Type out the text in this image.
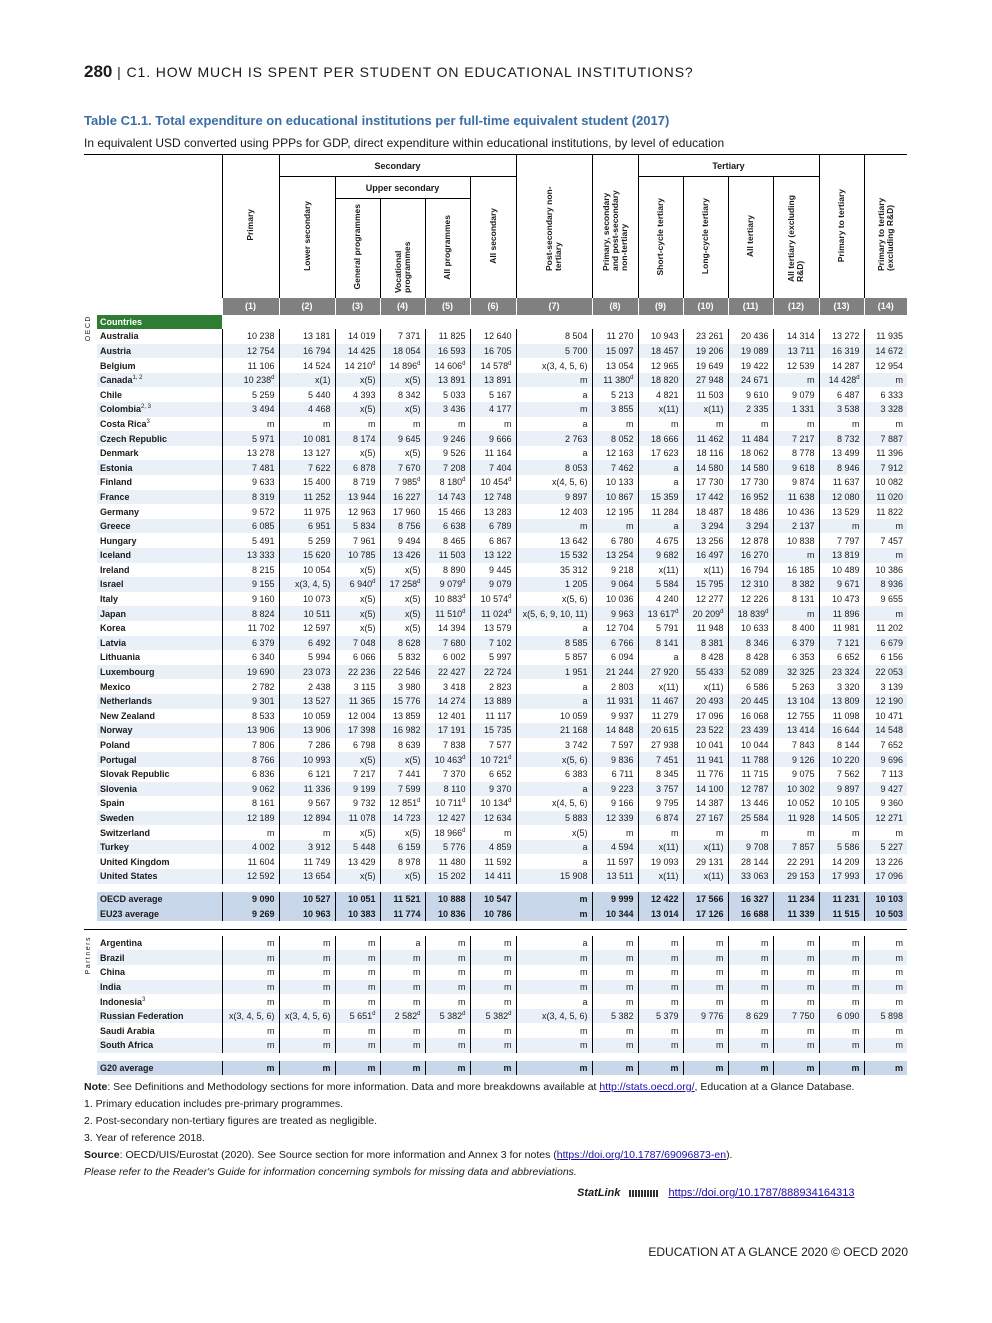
280 | C1. HOW MUCH IS SPENT PER STUDENT ON EDUCATIONAL INSTITUTIONS?
Table C1.1. Total expenditure on educational institutions per full-time equivalent student (2017)
In equivalent USD converted using PPPs for GDP, direct expenditure within educational institutions, by level of education
		Primary	Secondary					Post-secondary non-tertiary	Primary, secondary and post-secondary non-tertiary	Tertiary				Primary to tertiary	Primary to tertiary (excluding R&D)
			Lower secondary	Upper secondary			All secondary			Short-cycle tertiary	Long-cycle tertiary	All tertiary	All tertiary (excluding R&D)		
				General programmes	Vocational programmes	All programmes									
		(1)	(2)	(3)	(4)	(5)	(6)	(7)	(8)	(9)	(10)	(11)	(12)	(13)	(14)

OECD	Countries														
	Australia	10 238	13 181	14 019	7 371	11 825	12 640	8 504	11 270	10 943	23 261	20 436	14 314	13 272	11 935
	Austria	12 754	16 794	14 425	18 054	16 593	16 705	5 700	15 097	18 457	19 206	19 089	13 711	16 319	14 672
	Belgium	11 106	14 524	14 210$^d$	14 896$^d$	14 606$^d$	14 578$^d$	x(3, 4, 5, 6)	13 054	12 965	19 649	19 422	12 539	14 287	12 954
	Canada$^{1, 2}$	10 238$^d$	x(1)	x(5)	x(5)	13 891	13 891	m	11 380$^d$	18 820	27 948	24 671	m	14 428$^d$	m
	Chile	5 259	5 440	4 393	8 342	5 033	5 167	a	5 213	4 821	11 503	9 610	9 079	6 487	6 333
	Colombia$^{2, 3}$	3 494	4 468	x(5)	x(5)	3 436	4 177	m	3 855	x(11)	x(11)	2 335	1 331	3 538	3 328
	Costa Rica$^3$	m	m	m	m	m	m	a	m	m	m	m	m	m	m
	Czech Republic	5 971	10 081	8 174	9 645	9 246	9 666	2 763	8 052	18 666	11 462	11 484	7 217	8 732	7 887
	Denmark	13 278	13 127	x(5)	x(5)	9 526	11 164	a	12 163	17 623	18 116	18 062	8 778	13 499	11 396
	Estonia	7 481	7 622	6 878	7 670	7 208	7 404	8 053	7 462	a	14 580	14 580	9 618	8 946	7 912
	Finland	9 633	15 400	8 719	7 985$^d$	8 180$^d$	10 454$^d$	x(4, 5, 6)	10 133	a	17 730	17 730	9 874	11 637	10 082
	France	8 319	11 252	13 944	16 227	14 743	12 748	9 897	10 867	15 359	17 442	16 952	11 638	12 080	11 020
	Germany	9 572	11 975	12 963	17 960	15 466	13 283	12 403	12 195	11 284	18 487	18 486	10 436	13 529	11 822
	Greece	6 085	6 951	5 834	8 756	6 638	6 789	m	m	a	3 294	3 294	2 137	m	m
	Hungary	5 491	5 259	7 961	9 494	8 465	6 867	13 642	6 780	4 675	13 256	12 878	10 838	7 797	7 457
	Iceland	13 333	15 620	10 785	13 426	11 503	13 122	15 532	13 254	9 682	16 497	16 270	m	13 819	m
	Ireland	8 215	10 054	x(5)	x(5)	8 890	9 445	35 312	9 218	x(11)	x(11)	16 794	16 185	10 489	10 386
	Israel	9 155	x(3, 4, 5)	6 940$^d$	17 258$^d$	9 079$^d$	9 079	1 205	9 064	5 584	15 795	12 310	8 382	9 671	8 936
	Italy	9 160	10 073	x(5)	x(5)	10 883$^d$	10 574$^d$	x(5, 6)	10 036	4 240	12 277	12 226	8 131	10 473	9 655
	Japan	8 824	10 511	x(5)	x(5)	11 510$^d$	11 024$^d$	x(5, 6, 9, 10, 11)	9 963	13 617$^d$	20 209$^d$	18 839$^d$	m	11 896	m
	Korea	11 702	12 597	x(5)	x(5)	14 394	13 579	a	12 704	5 791	11 948	10 633	8 400	11 981	11 202
	Latvia	6 379	6 492	7 048	8 628	7 680	7 102	8 585	6 766	8 141	8 381	8 346	6 379	7 121	6 679
	Lithuania	6 340	5 994	6 066	5 832	6 002	5 997	5 857	6 094	a	8 428	8 428	6 353	6 652	6 156
	Luxembourg	19 690	23 073	22 236	22 546	22 427	22 724	1 951	21 244	27 920	55 433	52 089	32 325	23 324	22 053
	Mexico	2 782	2 438	3 115	3 980	3 418	2 823	a	2 803	x(11)	x(11)	6 586	5 263	3 320	3 139
	Netherlands	9 301	13 527	11 365	15 776	14 274	13 889	a	11 931	11 467	20 493	20 445	13 104	13 809	12 190
	New Zealand	8 533	10 059	12 004	13 859	12 401	11 117	10 059	9 937	11 279	17 096	16 068	12 755	11 098	10 471
	Norway	13 906	13 906	17 398	16 982	17 191	15 735	21 168	14 848	20 615	23 522	23 439	13 414	16 644	14 548
	Poland	7 806	7 286	6 798	8 639	7 838	7 577	3 742	7 597	27 938	10 041	10 044	7 843	8 144	7 652
	Portugal	8 766	10 993	x(5)	x(5)	10 463$^d$	10 721$^d$	x(5, 6)	9 836	7 451	11 941	11 788	9 126	10 220	9 696
	Slovak Republic	6 836	6 121	7 217	7 441	7 370	6 652	6 383	6 711	8 345	11 776	11 715	9 075	7 562	7 113
	Slovenia	9 062	11 336	9 199	7 599	8 110	9 370	a	9 223	3 757	14 100	12 787	10 302	9 897	9 427
	Spain	8 161	9 567	9 732	12 851$^d$	10 711$^d$	10 134$^d$	x(4, 5, 6)	9 166	9 795	14 387	13 446	10 052	10 105	9 360
	Sweden	12 189	12 894	11 078	14 723	12 427	12 634	5 883	12 339	6 874	27 167	25 584	11 928	14 505	12 271
	Switzerland	m	m	x(5)	x(5)	18 966$^d$	m	x(5)	m	m	m	m	m	m	m
	Turkey	4 002	3 912	5 448	6 159	5 776	4 859	a	4 594	x(11)	x(11)	9 708	7 857	5 586	5 227
	United Kingdom	11 604	11 749	13 429	8 978	11 480	11 592	a	11 597	19 093	29 131	28 144	22 291	14 209	13 226
	United States	12 592	13 654	x(5)	x(5)	15 202	14 411	15 908	13 511	x(11)	x(11)	33 063	29 153	17 993	17 096

	OECD average	9 090	10 527	10 051	11 521	10 888	10 547	m	9 999	12 422	17 566	16 327	11 234	11 231	10 103
	EU23 average	9 269	10 963	10 383	11 774	10 836	10 786	m	10 344	13 014	17 126	16 688	11 339	11 515	10 503

Partners	Argentina	m	m	m	a	m	m	a	m	m	m	m	m	m	m
	Brazil	m	m	m	m	m	m	m	m	m	m	m	m	m	m
	China	m	m	m	m	m	m	m	m	m	m	m	m	m	m
	India	m	m	m	m	m	m	m	m	m	m	m	m	m	m
	Indonesia$^3$	m	m	m	m	m	m	a	m	m	m	m	m	m	m
	Russian Federation	x(3, 4, 5, 6)	x(3, 4, 5, 6)	5 651$^d$	2 582$^d$	5 382$^d$	5 382$^d$	x(3, 4, 5, 6)	5 382	5 379	9 776	8 629	7 750	6 090	5 898
	Saudi Arabia	m	m	m	m	m	m	m	m	m	m	m	m	m	m
	South Africa	m	m	m	m	m	m	m	m	m	m	m	m	m	m

	G20 average	m	m	m	m	m	m	m	m	m	m	m	m	m	m

Note: See Definitions and Methodology sections for more information. Data and more breakdowns available at http://stats.oecd.org/, Education at a Glance Database.

1. Primary education includes pre-primary programmes.

2. Post-secondary non-tertiary figures are treated as negligible.

3. Year of reference 2018.

Source: OECD/UIS/Eurostat (2020). See Source section for more information and Annex 3 for notes (https://doi.org/10.1787/69096873-en).

Please refer to the Reader's Guide for information concerning symbols for missing data and abbreviations.

StatLink	https://doi.org/10.1787/888934164313
EDUCATION AT A GLANCE 2020 © OECD 2020
